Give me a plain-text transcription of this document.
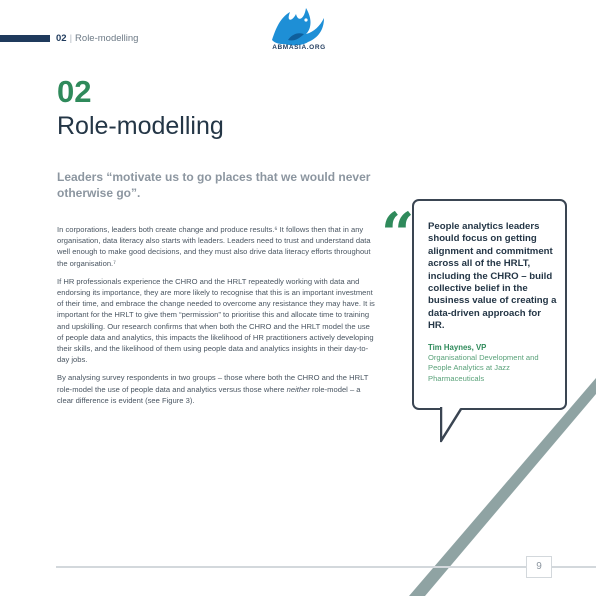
02 | Role-modelling
ABMASIA.ORG
02
Role-modelling
Leaders “motivate us to go places that we would never otherwise go”.

In corporations, leaders both create change and produce results.⁶ It follows then that in any organisation, data literacy also starts with leaders. Leaders need to trust and understand data well enough to make good decisions, and they must also drive data literacy efforts throughout the organisation.⁷

If HR professionals experience the CHRO and the HRLT repeatedly working with data and endorsing its importance, they are more likely to recognise that this is an important investment of their time, and embrace the change needed to overcome any resistance they may have. It is important for the HRLT to give them “permission” to prioritise this and allocate time to training and upskilling. Our research confirms that when both the CHRO and the HRLT model the use of people data and analytics, this impacts the likelihood of HR practitioners actively developing their skills, and the likelihood of them using people data and analytics insights in their day-to-day jobs.

By analysing survey respondents in two groups – those where both the CHRO and the HRLT role-model the use of people data and analytics versus those where neither role-model – a clear difference is evident (see Figure 3).

“ People analytics leaders should focus on getting alignment and commitment across all of the HRLT, including the CHRO – build collective belief in the business value of creating a data-driven approach for HR.
Tim Haynes, VP
Organisational Development and People Analytics at Jazz Pharmaceuticals
9
